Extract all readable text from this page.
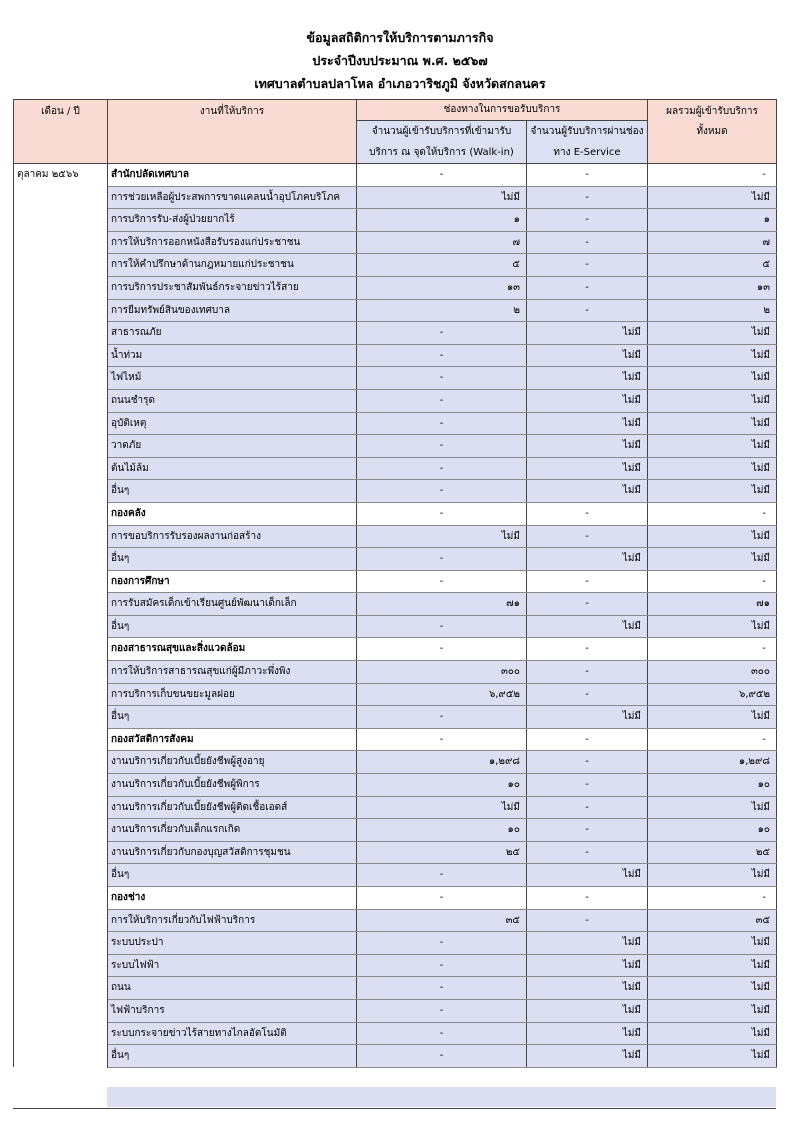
ข้อมูลสถิติการให้บริการตามภารกิจ
ประจำปีงบประมาณ พ.ศ. ๒๕๖๗
เทศบาลตำบลปลาโหล อำเภอวาริชภูมิ จังหวัดสกลนคร
เดือน / ปี	งานที่ให้บริการ	ช่องทางในการขอรับบริการ		ผลรวมผู้เข้ารับบริการทั้งหมด
		จำนวนผู้เข้ารับบริการที่เข้ามารับบริการ ณ จุดให้บริการ (Walk-in)	จำนวนผู้รับบริการผ่านช่องทาง E-Service	
ตุลาคม ๒๕๖๖	สำนักปลัดเทศบาล	-	-	-
	การช่วยเหลือผู้ประสพการขาดแคลนน้ำอุปโภคบริโภค	ไม่มี	-	ไม่มี
	การบริการรับ-ส่งผู้ป่วยยากไร้	๑	-	๑
	การให้บริการออกหนังสือรับรองแก่ประชาชน	๗	-	๗
	การให้คำปรึกษาด้านกฎหมายแก่ประชาชน	๕	-	๕
	การบริการประชาสัมพันธ์กระจายข่าวไร้สาย	๑๓	-	๑๓
	การยืมทรัพย์สินของเทศบาล	๒	-	๒
	สาธารณภัย	-	ไม่มี	ไม่มี
	น้ำท่วม	-	ไม่มี	ไม่มี
	ไฟไหม้	-	ไม่มี	ไม่มี
	ถนนชำรุด	-	ไม่มี	ไม่มี
	อุบัติเหตุ	-	ไม่มี	ไม่มี
	วาตภัย	-	ไม่มี	ไม่มี
	ต้นไม้ล้ม	-	ไม่มี	ไม่มี
	อื่นๆ	-	ไม่มี	ไม่มี
	กองคลัง	-	-	-
	การขอบริการรับรองผลงานก่อสร้าง	ไม่มี	-	ไม่มี
	อื่นๆ	-	ไม่มี	ไม่มี
	กองการศึกษา	-	-	-
	การรับสมัครเด็กเข้าเรียนศูนย์พัฒนาเด็กเล็ก	๗๑	-	๗๑
	อื่นๆ	-	ไม่มี	ไม่มี
	กองสาธารณสุขและสิ่งแวดล้อม	-	-	-
	การให้บริการสาธารณสุขแก่ผู้มีภาวะพึ่งพิง	๓๐๐	-	๓๐๐
	การบริการเก็บขนขยะมูลฝอย	๖,๙๕๒	-	๖,๙๕๒
	อื่นๆ	-	ไม่มี	ไม่มี
	กองสวัสดิการสังคม	-	-	-
	งานบริการเกี่ยวกับเบี้ยยังชีพผู้สูงอายุ	๑,๒๙๘	-	๑,๒๙๘
	งานบริการเกี่ยวกับเบี้ยยังชีพผู้พิการ	๑๐	-	๑๐
	งานบริการเกี่ยวกับเบี้ยยังชีพผู้ติดเชื้อเอดส์	ไม่มี	-	ไม่มี
	งานบริการเกี่ยวกับเด็กแรกเกิด	๑๐	-	๑๐
	งานบริการเกี่ยวกับกองบุญสวัสดิการชุมชน	๒๕	-	๒๕
	อื่นๆ	-	ไม่มี	ไม่มี
	กองช่าง	-	-	-
	การให้บริการเกี่ยวกับไฟฟ้าบริการ	๓๕	-	๓๕
	ระบบประปา	-	ไม่มี	ไม่มี
	ระบบไฟฟ้า	-	ไม่มี	ไม่มี
	ถนน	-	ไม่มี	ไม่มี
	ไฟฟ้าบริการ	-	ไม่มี	ไม่มี
	ระบบกระจายข่าวไร้สายทางไกลอัตโนมัติ	-	ไม่มี	ไม่มี
	อื่นๆ	-	ไม่มี	ไม่มี
